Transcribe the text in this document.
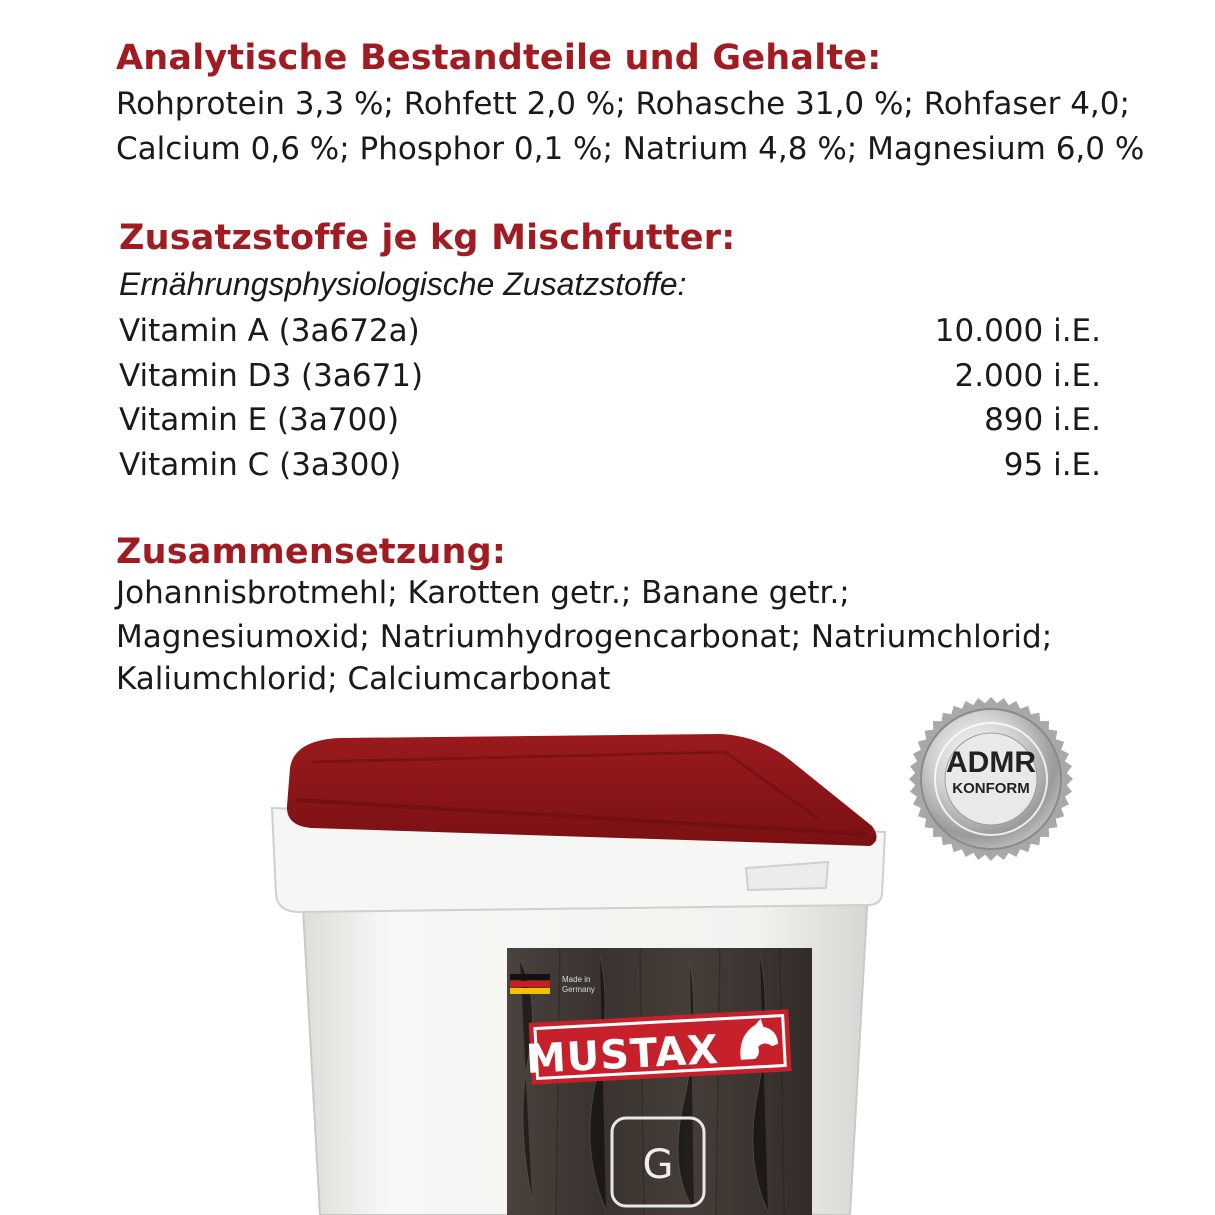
Analytische Bestandteile und Gehalte:
Rohprotein 3,3 %; Rohfett 2,0 %; Rohasche 31,0 %; Rohfaser 4,0;
Calcium 0,6 %; Phosphor 0,1 %; Natrium 4,8 %; Magnesium 6,0 %
Zusatzstoffe je kg Mischfutter:
Ernährungsphysiologische Zusatzstoffe:
Vitamin A (3a672a)	10.000 i.E.
Vitamin D3 (3a671)	2.000 i.E.
Vitamin E (3a700)	890 i.E.
Vitamin C (3a300)	95 i.E.
Zusammensetzung:
Johannisbrotmehl; Karotten getr.; Banane getr.;
Magnesiumoxid; Natriumhydrogencarbonat; Natriumchlorid;
Kaliumchlorid; Calciumcarbonat
Made in
Germany
MUSTAX
G
ADMR
KONFORM
